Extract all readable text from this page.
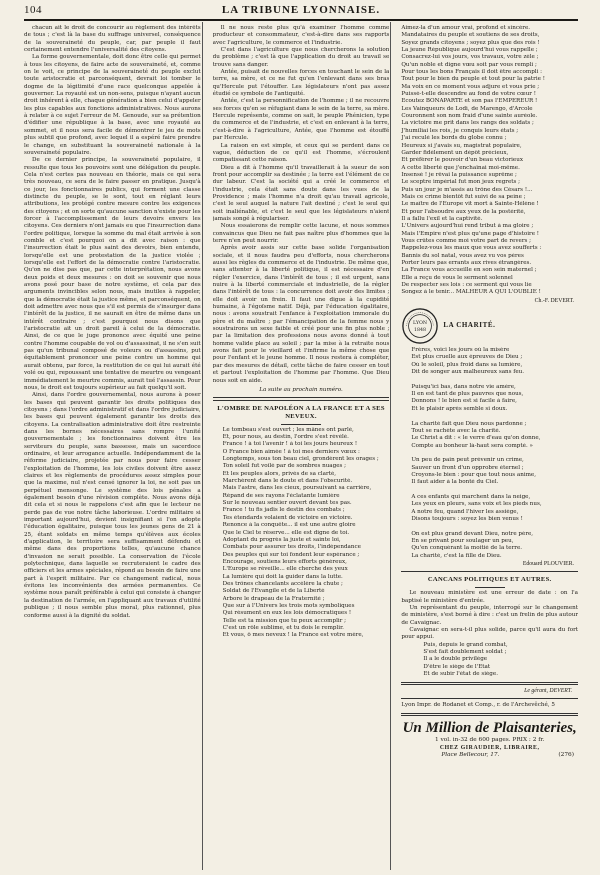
104	LA TRIBUNE LYONNAISE.

chacun ait le droit de concourir au règlement des intérêts de tous ; c'est là la base du suffrage universel, conséquence de la souveraineté du peuple, car, par peuple il faut certainement entendre l'universalité des citoyens.

La forme gouvernementale, doit donc être celle qui permet à tous les citoyens, de faire acte de souveraineté, et, comme on le voit, ce principe de la souveraineté du peuple exclut toute aristocratie et parconséquent, devrait loi tomber le dogme de la légitimité d'une race quelconque appelée à gouverner. La royauté est un non-sens, puisque n'ayant aucun droit inhérent à elle, chaque génération a bien celui d'appeler les plus capables aux fonctions administratives. Nous aurons à relater à ce sujet l'erreur de M. Genoude, sur sa prétention d'édifier une république à la base, avec une royauté au sommet, et il nous sera facile de démontrer le jeu de mots plus subtil que profond, avec lequel il a espéré faire prendre le change, en substituant la souveraineté nationale à la souveraineté populaire.

De ce dernier principe, la souveraineté populaire, il ressulte que tous les pouvoirs sont une délégation du peuple. Cela n'est certes pas nouveau en théorie, mais ce qui sera très nouveau, ce sera de le faire passer en pratique. Jusqu'à ce jour, les fonctionnaires publics, qui forment une classe distincte du peuple, se le sont, tout en réglant leurs attributions, les protégé contre mesure contre les exigences des citoyens ; et on sorte qu'aucune sanction n'existe pour les forcer à l'accomplissement de leurs devoirs envers les citoyens. Ces derniers n'ont jamais eu que l'insurrection dans l'ordre politique, lorsque la somme du mal était arrivée à son comble et c'est pourquoi on a dit avec raison : que l'insurrection était le plus saint des devoirs, bien entendu, lorsqu'elle est une protestation de la justice violée ; lorsqu'elle est l'effort de la démocratie contre l'aristocratie. Qu'on ne dise pas que, par cette interprétation, nous avons deux poids et deux mesures : on doit se souvenir que nous avons posé pour base de notre système, et cela par des arguments invincibles selon nous, mais inutiles à rappeler, que la démocratie était la justice même, et parconséquent, on doit admettre avec nous que s'il est permis de s'insurger dans l'intérêt de la justice, il ne saurait en être de même dans un intérêt contraire ; c'est pourquoi nous disons que l'aristocratie ait un droit pareil à celui de la démocratie. Ainsi, de ce que le juge prononce avec équité une peine contre l'homme coupable de vol ou d'assassinat, il ne s'en suit pas qu'un tribunal composé de voleurs ou d'assassins, put équitablement prononcer une peine contre un homme qui aurait obtenu, par force, la restitution de ce qui lui aurait été volé ou qui, repoussant une tentative de meurtre ou vengeant immédiatement le meurtre commis, aurait tué l'assassin. Pour nous, le droit est toujours supérieur au fait quelqu'il soit.

Ainsi, dans l'ordre gouvernemental, nous aurons à poser les bases qui peuvent garantir les droits politiques des citoyens ; dans l'ordre administratif et dans l'ordre judiciaire, les bases qui peuvent également garantir les droits des citoyens. La centralisation administrative doit être restreinte dans les bornes nécessaires sans rompre l'unité gouvernementale ; les fonctionnaires doivent être les serviteurs du peuple, sans bassesse, mais un sacerdoce ordinaire, et leur arrogance actuelle. Indépendamment de la réforme judiciaire, projetée par nous pour faire cesser l'exploitation de l'homme, les lois civiles doivent être assez claires et les règlements de procédures assez simples pour que la maxime, nul n'est censé ignorer la loi, ne soit pas un perpétuel mensonge. Le système des lois pénales a également besoin d'une révision complète. Nous avons déjà dit cela et si nous le rappelons c'est afin que le lecteur ne perde pas de vue notre tâche laborieuse. L'ordre militaire si important aujourd'hui, devient insignifiant si l'on adopte l'éducation égalitaire, puisque tous les jeunes gens de 21 à 25, étant soldats en même temps qu'élèves aux écoles d'application, le territoire sera suffisamment défendu et même dans des proportions telles, qu'aucune chance d'invasion ne serait possible. La conservation de l'école polytechnique, dans laquelle se recruteraient le cadre des officiers et les armes spéciales, répond au besoin de faire une part à l'esprit militaire. Par ce changement radical, nous évitons les inconvénients des armées permanentes. Ce système nous paraît préférable à celui qui consiste à changer la destination de l'armée, en l'appliquant aux travaux d'utilité publique ; il nous semble plus moral, plus rationnel, plus conforme aussi à la dignité du soldat.

Il ne nous reste plus qu'à examiner l'homme comme producteur et consommateur, c'est-à-dire dans ses rapports avec l'agriculture, le commerce et l'industrie.

C'est dans l'agriculture que nous chercherons la solution du problème ; c'est là que l'application du droit au travail se trouve sans danger.

Antée, puisait de nouvelles forces en touchant le sein de la terre, sa mère, et ce ne fut qu'en l'enlevant dans ses bras qu'Hercule put l'étouffer. Les législateurs n'ont pas assez étudié ce symbole de l'antiquité.

Antée, c'est la personnification de l'homme ; il ne recouvre ses forces qu'en se réfugiant dans le sein de la terre, sa mère. Hercule représente, comme on sait, le peuple Phénicien, type du commerce et de l'industrie, et c'est en enlevant à la terre, c'est-à-dire à l'agriculture, Antée, que l'homme est étouffé par Hercule.

La raison en est simple, et ceux qui se perdent dans ce vague, déduction de ce qu'il est l'homme, s'écroulent compatissant cette raison.

Dieu a dit à l'homme qu'il travaillerait à la sueur de son front pour accomplir sa destinée ; la terre est l'élément de ce dur labeur. C'est la société qui a créé le commerce et l'industrie, cela était sans doute dans les vues de la Providence ; mais l'homme n'a droit qu'au travail agricole, c'est le seul auquel la nature l'ait destiné ; c'est le seul qui soit inaliénable, et c'est le seul que les législateurs n'aient jamais songé à régulariser.

Nous essaierons de remplir cette lacune, et nous sommes convaincus que Dieu ne fait pas naître plus d'hommes que la terre n'en peut nourrir.

Après avoir assis sur cette base solide l'organisation sociale, et il nous faudra peu d'efforts, nous chercherons aussi les règles du commerce et de l'industrie. De même que, sans attenter à la liberté politique, il est nécessaire d'en régler l'exercice, dans l'intérêt de tous ; il est urgent, sans nuire à la liberté commerciale et industrielle, de la régler dans l'intérêt de tous : la concurrence doit avoir des limites ; elle doit avoir un frein. Il faut une digue à la cupidité humaine, à l'égoïsme natif. Déjà, par l'éducation égalitaire, nous : avons soustrait l'enfance à l'exploitation immorale du père et du maître ; par l'émancipation de la femme nous y soustrairons un sexe faible et créé pour une fin plus noble ; par la limitation des professions nous avons donné à tout homme valide place au soleil ; par la mise à la retraite nous avons fait pour le vieillard et l'infirme la même chose que pour l'enfant et le jeune homme. Il nous restera à compléter, par des mesures de détail, cette tâche de faire cesser en tout et partout l'exploitation de l'homme par l'homme. Que Dieu nous soit en aide.

La suite au prochain numéro.

L'OMBRE DE NAPOLÉON A LA FRANCE ET A SES NEVEUX.
Le tombeau s'est ouvert ; les mânes ont parlé,
Et, pour nous, au destin, l'ordre s'est révélé.
France ! à toi l'avenir ! à toi les jours heureux !
O France bien aimée ! à toi mes derniers vœux :
Longtemps, sous ton beau ciel, grondèrent les orages ;
Ton soleil fut voilé par de sombres nuages ;
Et les peuples alors, privés de sa clarté,
Marchèrent dans le doute et dans l'obscurité.
Mais l'astre, dans les cieux, poursuivant sa carrière,
Répand de ses rayons l'éclatante lumière
Sur le nouveau sentier ouvert devant tes pas.
France ! tu fis jadis le destin des combats ;
Tes étendards volaient de victoire en victoire.
Renonce à la conquête... il est une autre gloire
Que le Ciel te réserve... elle est digne de toi.
Adoptant du progrès la juste et sainte loi,
Combats pour assurer tes droits, l'indépendance
Des peuples qui sur toi fondent leur espérance ;
Encourage, soutiens leurs efforts généreux,
L'Europe se réveille... elle cherche des yeux
La lumière qui doit la guider dans la lutte.
Des trônes chancelants accélère la chute ;
Soldat de l'Évangile et de la Liberté
Arbore le drapeau de la Fraternité ;
Que sur à l'Univers les trois mots symboliques
Qui résument en eux les lois démocratiques !
Telle est ta mission que tu peux accomplir ;
C'est un rôle sublime, et tu dois le remplir.
Et vous, ô mes neveux ! la France est votre mère,
Aimez-la d'un amour vrai, profond et sincère.
Mandataires du peuple et soutiens de ses droits,
Soyez grands citoyens ; soyez plus que des rois !
La jeune République aujourd'hui vous rappelle ;
Consacrez-lui vos jours, vos travaux, votre zèle ;
Qu'un noble et digne vœu soit par vous rempli ;
Pour tous les bons Français il doit être accompli :
Tout pour le bien du peuple et tout pour la patrie !
Ma voix en ce moment vous adjure et vous prie ;
Puissé-t-elle descendre au fond de votre cœur !
Écoutez BONAPARTE et son pas l'EMPEREUR !
Les Vainqueurs de Lodi, de Marengo, d'Arcole
Couronnent son nom fraid d'une sainte auréole.
La victoire me prit dans les rangs des soldats ;
J'humiliai les rois, je conquis leurs états ;
J'ai reculé les bords du globe connu ;
Heureux si j'avais su, magistrat populaire,
Garder fidèlement un dépôt précieux,
Et préférer le pouvoir d'un beau victorieux
A cette liberté que j'enchaînai moi-même.
Insensé ! je rêvai la puissance suprême ;
Le sceptre impérial fut mon jeux regrets ;
Puis un jour je m'assis au trône des Césars !...
Mais ce crime bientôt fut suivi de sa peine ;
Le maître de l'Europe vit mort à Sainte-Hélène !
Et pour l'absoudre aux yeux de la postérité,
Il a fallu l'exil et la captivité.
L'Univers aujourd'hui rend tribut à ma gloire ;
Mais l'Empire n'est plus qu'une page d'histoire !
Vous crûtes comme moi votre part de revers ;
Rappelez-vous les maux que vous avez soufferts :
Bannis du sol natal, vous avez vu vos pères
Porter leurs pas errants aux rives étrangères.
La France vous accueille en son sein maternel ;
Elle a reçu de vous le serment solennel
De respecter ses lois : ce serment qui vous lie
Songez à le tenir... MALHEUR A QUI L'OUBLIE !
Ch.-F. DEVERT.
LYON
1848
LA CHARITÉ.
Frères, voici les jours où la misère
Est plus cruelle aux épreuves de Dieu ;
Où le soleil, plus froid dans sa lumière,
Dit de songer aux malheureux sans feu.

Puisqu'ici bas, dans notre vie amère,
Il en est tant de plus pauvres que nous,
Donnons ! le bien est si facile à faire,
Et le plaisir après semble si doux.

La charité fait que Dieu nous pardonne ;
Tout se rachète avec la charité.
Le Christ a dit : « le verre d'eau qu'on donne,
Compte au bonheur là-haut sera compté. »

Un peu de pain peut prévenir un crime,
Sauver un front d'un opprobre éternel ;
Croyons-le bien : pour que tout nous anime,
Il faut aider à la bonté du Ciel.

A ces enfants qui marchent dans la neige,
Les yeux en pleurs, sans voix et les pieds nus,
A notre feu, quand l'hiver les assiège,
Disons toujours : soyez les bien venus !

On est plus grand devant Dieu, notre père,
En se privant pour soulager un peu,
Qu'en conquérant la moitié de la terre.
La charité, c'est la fille de Dieu.
Edouard PLOUVIER.
CANCANS POLITIQUES ET AUTRES.

Le nouveau ministère est une erreur de date : on l'a baptisé le ministère d'entrée.

Un représentant du peuple, interrogé sur le changement de ministère, s'est borné à dire : c'est un frelin de plus autour de Cavaignac.

Cavaignac en sera-t-il plus solide, parce qu'il aura du fort pour appui.

Puis, depuis le grand combat,
S'est fait doublement soldat ;
Il a le double privilège
D'être le siège de l'État
Et de subir l'état de siège.
Le gérant, DEVERT.
Lyon Impr. de Rodanet et Comp., r. de l'Archevêché, 5
Un Million de Plaisanteries,
1 vol. in-32 de 600 pages. PRIX : 2 fr.
CHEZ GIRAUDIER, LIBRAIRE,
Place Bellecour, 17.	(276)
